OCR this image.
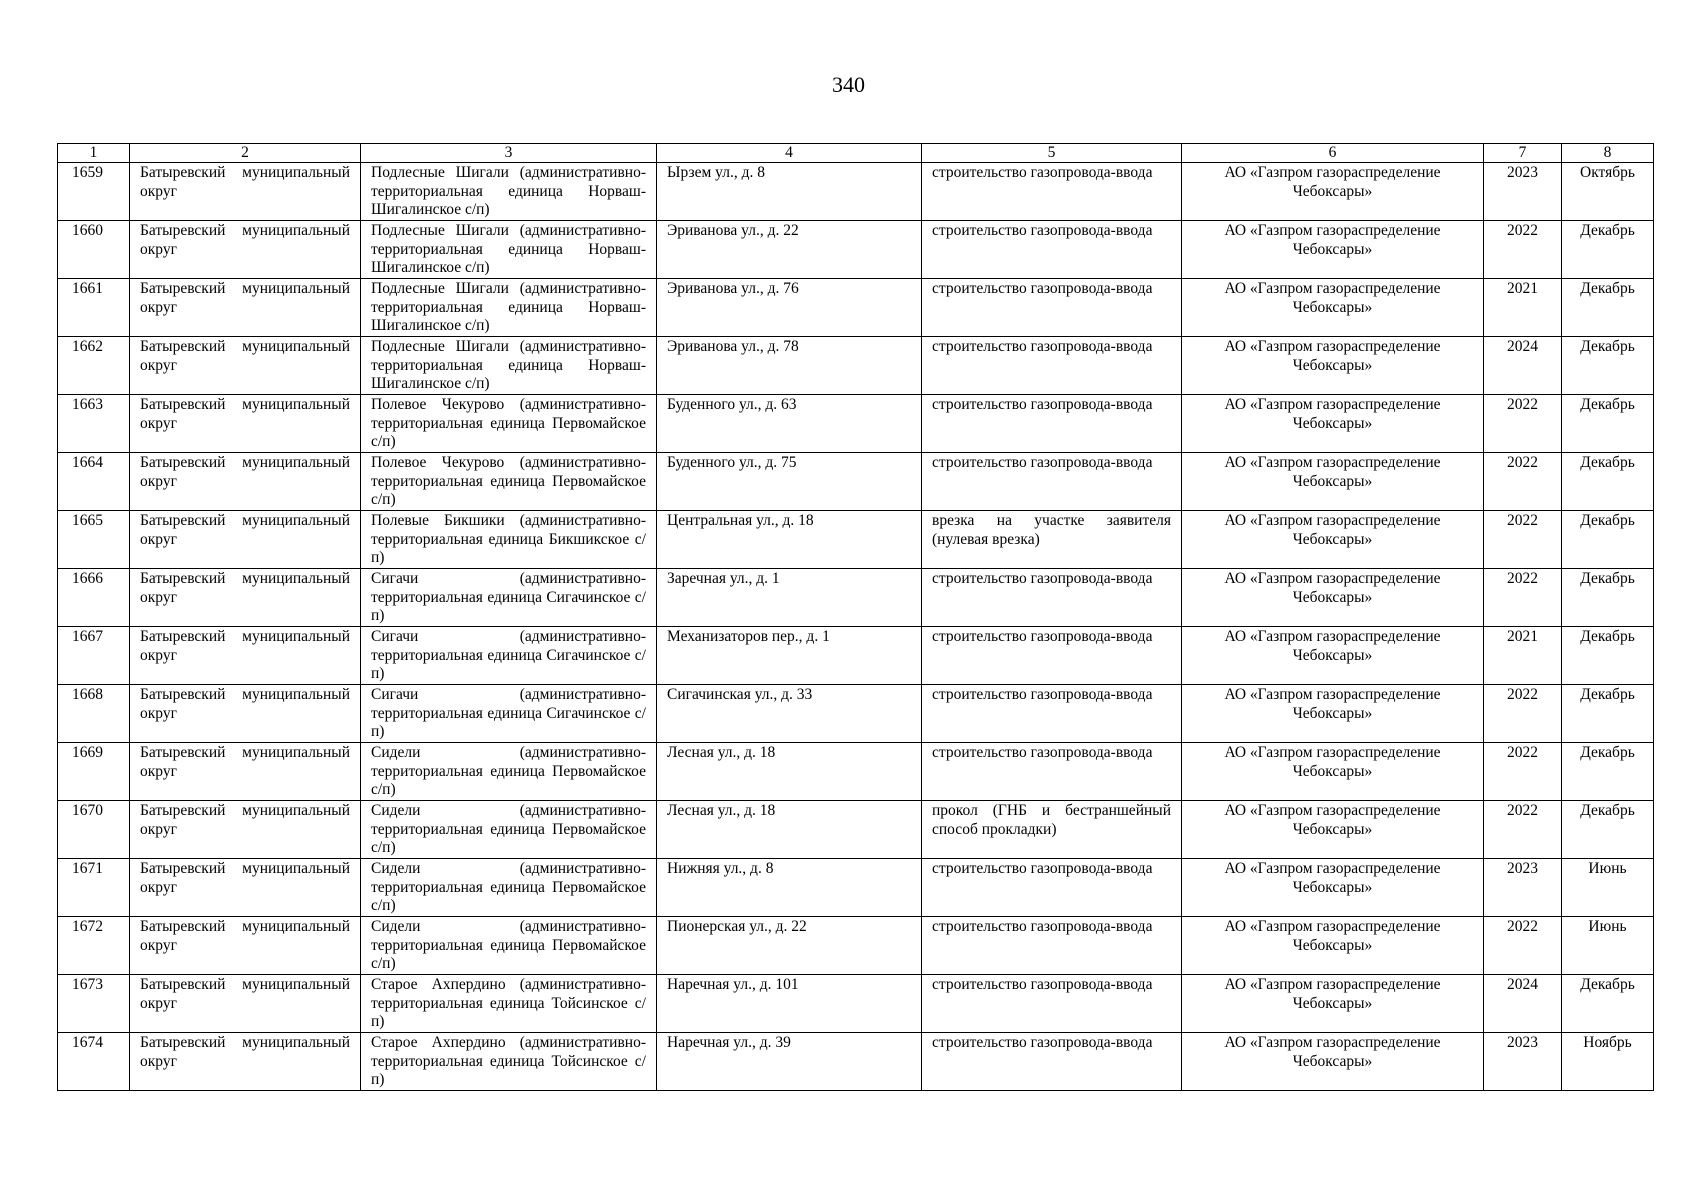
340
1	2	3	4	5	6	7	8
1659	Батыревский муниципальный округ	Подлесные Шигали (административно-территориальная единица Норваш-Шигалинское с/п)	Ырзем ул., д. 8	строительство газопровода-ввода	АО «Газпром газораспределение Чебоксары»	2023	Октябрь
1660	Батыревский муниципальный округ	Подлесные Шигали (административно-территориальная единица Норваш-Шигалинское с/п)	Эриванова ул., д. 22	строительство газопровода-ввода	АО «Газпром газораспределение Чебоксары»	2022	Декабрь
1661	Батыревский муниципальный округ	Подлесные Шигали (административно-территориальная единица Норваш-Шигалинское с/п)	Эриванова ул., д. 76	строительство газопровода-ввода	АО «Газпром газораспределение Чебоксары»	2021	Декабрь
1662	Батыревский муниципальный округ	Подлесные Шигали (административно-территориальная единица Норваш-Шигалинское с/п)	Эриванова ул., д. 78	строительство газопровода-ввода	АО «Газпром газораспределение Чебоксары»	2024	Декабрь
1663	Батыревский муниципальный округ	Полевое Чекурово (административно-территориальная единица Первомайское с/п)	Буденного ул., д. 63	строительство газопровода-ввода	АО «Газпром газораспределение Чебоксары»	2022	Декабрь
1664	Батыревский муниципальный округ	Полевое Чекурово (административно-территориальная единица Первомайское с/п)	Буденного ул., д. 75	строительство газопровода-ввода	АО «Газпром газораспределение Чебоксары»	2022	Декабрь
1665	Батыревский муниципальный округ	Полевые Бикшики (административно-территориальная единица Бикшикское с/п)	Центральная ул., д. 18	врезка на участке заявителя (нулевая врезка)	АО «Газпром газораспределение Чебоксары»	2022	Декабрь
1666	Батыревский муниципальный округ	Сигачи (административно-территориальная единица Сигачинское с/п)	Заречная ул., д. 1	строительство газопровода-ввода	АО «Газпром газораспределение Чебоксары»	2022	Декабрь
1667	Батыревский муниципальный округ	Сигачи (административно-территориальная единица Сигачинское с/п)	Механизаторов пер., д. 1	строительство газопровода-ввода	АО «Газпром газораспределение Чебоксары»	2021	Декабрь
1668	Батыревский муниципальный округ	Сигачи (административно-территориальная единица Сигачинское с/п)	Сигачинская ул., д. 33	строительство газопровода-ввода	АО «Газпром газораспределение Чебоксары»	2022	Декабрь
1669	Батыревский муниципальный округ	Сидели (административно-территориальная единица Первомайское с/п)	Лесная ул., д. 18	строительство газопровода-ввода	АО «Газпром газораспределение Чебоксары»	2022	Декабрь
1670	Батыревский муниципальный округ	Сидели (административно-территориальная единица Первомайское с/п)	Лесная ул., д. 18	прокол (ГНБ и бестраншейный способ прокладки)	АО «Газпром газораспределение Чебоксары»	2022	Декабрь
1671	Батыревский муниципальный округ	Сидели (административно-территориальная единица Первомайское с/п)	Нижняя ул., д. 8	строительство газопровода-ввода	АО «Газпром газораспределение Чебоксары»	2023	Июнь
1672	Батыревский муниципальный округ	Сидели (административно-территориальная единица Первомайское с/п)	Пионерская ул., д. 22	строительство газопровода-ввода	АО «Газпром газораспределение Чебоксары»	2022	Июнь
1673	Батыревский муниципальный округ	Старое Ахпердино (административно-территориальная единица Тойсинское с/п)	Наречная ул., д. 101	строительство газопровода-ввода	АО «Газпром газораспределение Чебоксары»	2024	Декабрь
1674	Батыревский муниципальный округ	Старое Ахпердино (административно-территориальная единица Тойсинское с/п)	Наречная ул., д. 39	строительство газопровода-ввода	АО «Газпром газораспределение Чебоксары»	2023	Ноябрь
